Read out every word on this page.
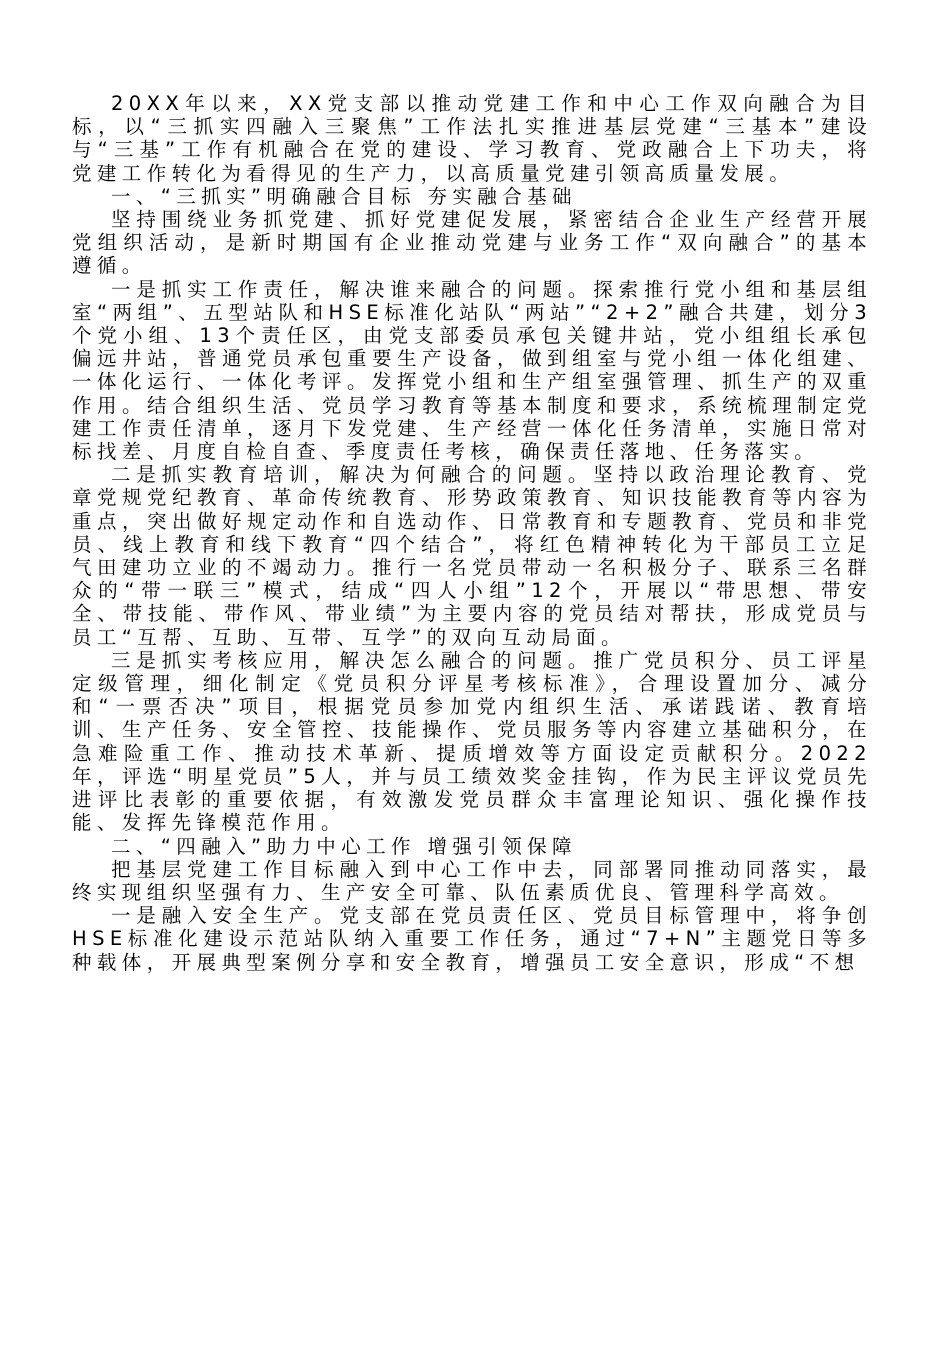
20XX年以来，XX党支部以推动党建工作和中心工作双向融合为目标，以“三抓实四融入三聚焦”工作法扎实推进基层党建“三基本”建设与“三基”工作有机融合在党的建设、学习教育、党政融合上下功夫，将党建工作转化为看得见的生产力，以高质量党建引领高质量发展。

一、“三抓实”明确融合目标 夯实融合基础

坚持围绕业务抓党建、抓好党建促发展，紧密结合企业生产经营开展党组织活动，是新时期国有企业推动党建与业务工作“双向融合”的基本遵循。

一是抓实工作责任，解决谁来融合的问题。探索推行党小组和基层组室“两组”、五型站队和HSE标准化站队“两站”“2+2”融合共建，划分3个党小组、13个责任区，由党支部委员承包关键井站，党小组组长承包偏远井站，普通党员承包重要生产设备，做到组室与党小组一体化组建、一体化运行、一体化考评。发挥党小组和生产组室强管理、抓生产的双重作用。结合组织生活、党员学习教育等基本制度和要求，系统梳理制定党建工作责任清单，逐月下发党建、生产经营一体化任务清单，实施日常对标找差、月度自检自查、季度责任考核，确保责任落地、任务落实。

二是抓实教育培训，解决为何融合的问题。坚持以政治理论教育、党章党规党纪教育、革命传统教育、形势政策教育、知识技能教育等内容为重点，突出做好规定动作和自选动作、日常教育和专题教育、党员和非党员、线上教育和线下教育“四个结合”，将红色精神转化为干部员工立足气田建功立业的不竭动力。推行一名党员带动一名积极分子、联系三名群众的“带一联三”模式，结成“四人小组”12个，开展以“带思想、带安全、带技能、带作风、带业绩”为主要内容的党员结对帮扶，形成党员与员工“互帮、互助、互带、互学”的双向互动局面。

三是抓实考核应用，解决怎么融合的问题。推广党员积分、员工评星定级管理，细化制定《党员积分评星考核标准》，合理设置加分、减分和“一票否决”项目，根据党员参加党内组织生活、承诺践诺、教育培训、生产任务、安全管控、技能操作、党员服务等内容建立基础积分，在急难险重工作、推动技术革新、提质增效等方面设定贡献积分。2022年，评选“明星党员”5人，并与员工绩效奖金挂钩，作为民主评议党员先进评比表彰的重要依据，有效激发党员群众丰富理论知识、强化操作技能、发挥先锋模范作用。

二、“四融入”助力中心工作 增强引领保障

把基层党建工作目标融入到中心工作中去，同部署同推动同落实，最终实现组织坚强有力、生产安全可靠、队伍素质优良、管理科学高效。

一是融入安全生产。党支部在党员责任区、党员目标管理中，将争创HSE标准化建设示范站队纳入重要工作任务，通过“7+N”主题党日等多种载体，开展典型案例分享和安全教育，增强员工安全意识，形成“不想
